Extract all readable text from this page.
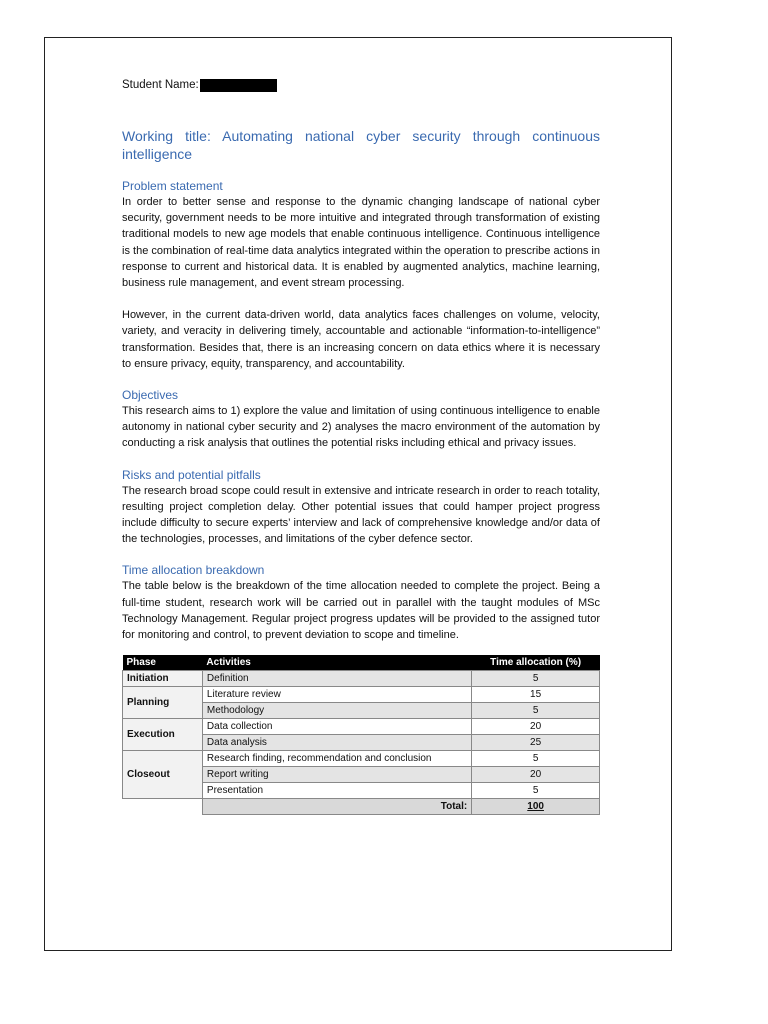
Student Name:
Working title: Automating national cyber security through continuous intelligence
Problem statement

In order to better sense and response to the dynamic changing landscape of national cyber security, government needs to be more intuitive and integrated through transformation of existing traditional models to new age models that enable continuous intelligence. Continuous intelligence is the combination of real-time data analytics integrated within the operation to prescribe actions in response to current and historical data. It is enabled by augmented analytics, machine learning, business rule management, and event stream processing.

However, in the current data-driven world, data analytics faces challenges on volume, velocity, variety, and veracity in delivering timely, accountable and actionable “information-to-intelligence” transformation. Besides that, there is an increasing concern on data ethics where it is necessary to ensure privacy, equity, transparency, and accountability.

Objectives

This research aims to 1) explore the value and limitation of using continuous intelligence to enable autonomy in national cyber security and 2) analyses the macro environment of the automation by conducting a risk analysis that outlines the potential risks including ethical and privacy issues.

Risks and potential pitfalls

The research broad scope could result in extensive and intricate research in order to reach totality, resulting project completion delay. Other potential issues that could hamper project progress include difficulty to secure experts’ interview and lack of comprehensive knowledge and/or data of the technologies, processes, and limitations of the cyber defence sector.

Time allocation breakdown

The table below is the breakdown of the time allocation needed to complete the project. Being a full-time student, research work will be carried out in parallel with the taught modules of MSc Technology Management. Regular project progress updates will be provided to the assigned tutor for monitoring and control, to prevent deviation to scope and timeline.

Phase	Activities	Time allocation (%)
Initiation	Definition	5
Planning	Literature review	15
	Methodology	5
Execution	Data collection	20
	Data analysis	25
Closeout	Research finding, recommendation and conclusion	5
	Report writing	20
	Presentation	5
	Total:	100
